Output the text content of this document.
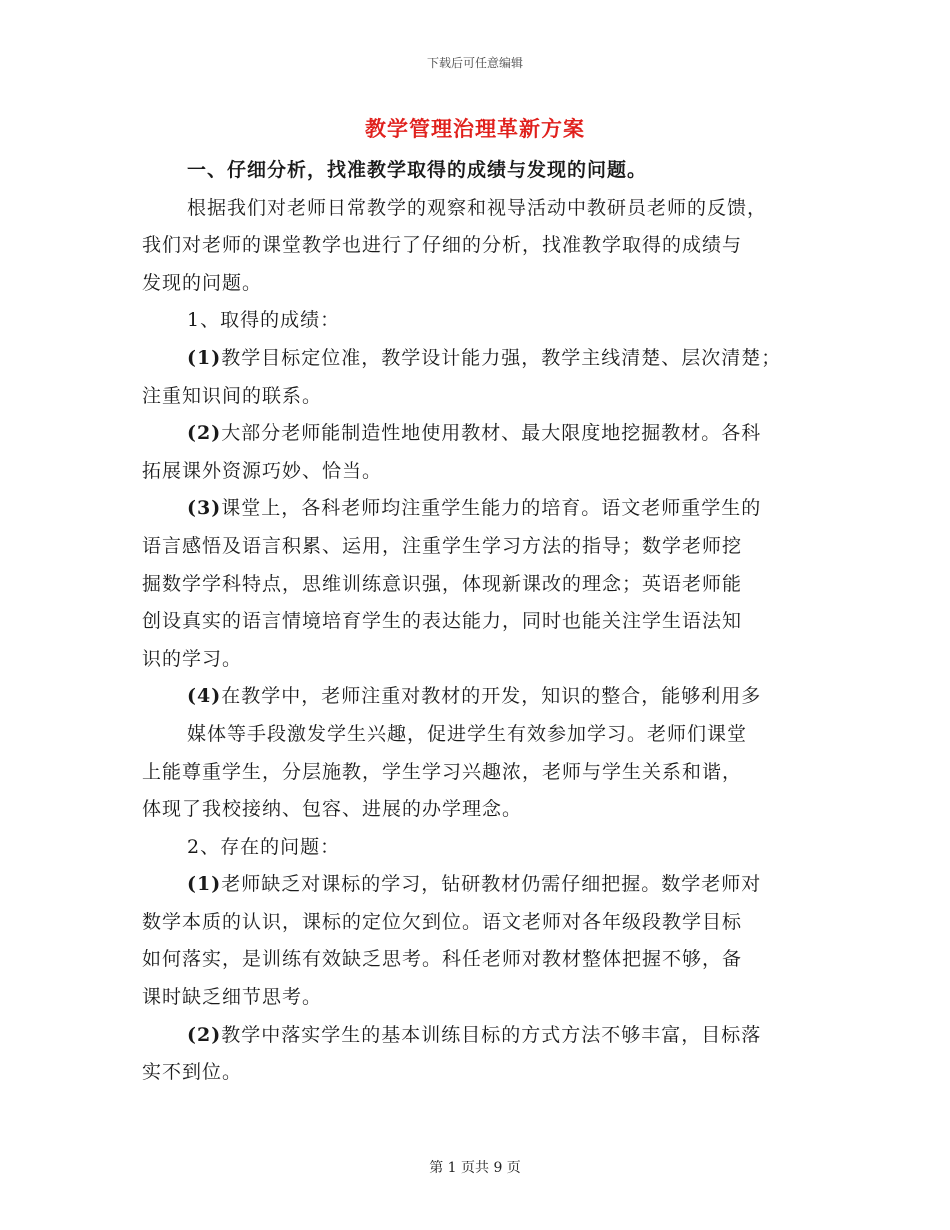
下载后可任意编辑
教学管理治理革新方案
一、仔细分析，找准教学取得的成绩与发现的问题。
根据我们对老师日常教学的观察和视导活动中教研员老师的反馈，
我们对老师的课堂教学也进行了仔细的分析，找准教学取得的成绩与
发现的问题。
1、取得的成绩：
(1)教学目标定位准，教学设计能力强，教学主线清楚、层次清楚；
注重知识间的联系。
(2)大部分老师能制造性地使用教材、最大限度地挖掘教材。各科
拓展课外资源巧妙、恰当。
(3)课堂上，各科老师均注重学生能力的培育。语文老师重学生的
语言感悟及语言积累、运用，注重学生学习方法的指导；数学老师挖
掘数学学科特点，思维训练意识强，体现新课改的理念；英语老师能
创设真实的语言情境培育学生的表达能力，同时也能关注学生语法知
识的学习。
(4)在教学中，老师注重对教材的开发，知识的整合，能够利用多
媒体等手段激发学生兴趣，促进学生有效参加学习。老师们课堂
上能尊重学生，分层施教，学生学习兴趣浓，老师与学生关系和谐，
体现了我校接纳、包容、进展的办学理念。
2、存在的问题：
(1)老师缺乏对课标的学习，钻研教材仍需仔细把握。数学老师对
数学本质的认识，课标的定位欠到位。语文老师对各年级段教学目标
如何落实，是训练有效缺乏思考。科任老师对教材整体把握不够，备
课时缺乏细节思考。
(2)教学中落实学生的基本训练目标的方式方法不够丰富，目标落
实不到位。
第 1 页共 9 页
